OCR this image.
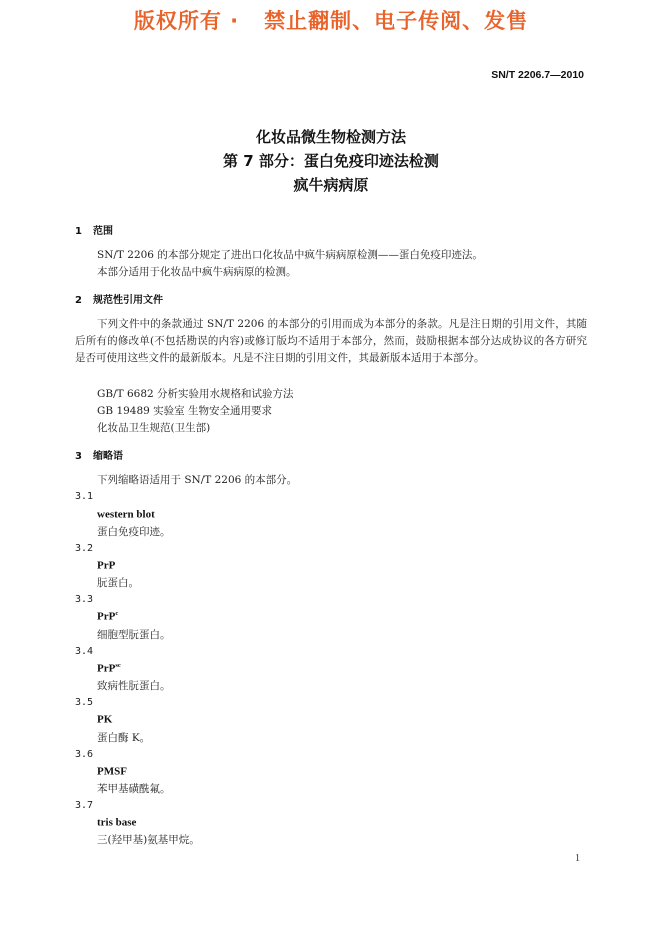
版权所有 ·   禁止翻制、电子传阅、发售
SN/T 2206.7—2010
化妆品微生物检测方法
第 7 部分：蛋白免疫印迹法检测
疯牛病病原
1 范围
SN/T 2206 的本部分规定了进出口化妆品中疯牛病病原检测——蛋白免疫印迹法。
本部分适用于化妆品中疯牛病病原的检测。
2 规范性引用文件
下列文件中的条款通过 SN/T 2206 的本部分的引用而成为本部分的条款。凡是注日期的引用文件，其随后所有的修改单(不包括勘误的内容)或修订版均不适用于本部分，然而，鼓励根据本部分达成协议的各方研究是否可使用这些文件的最新版本。凡是不注日期的引用文件，其最新版本适用于本部分。
GB/T 6682 分析实验用水规格和试验方法
GB 19489 实验室 生物安全通用要求
化妆品卫生规范(卫生部)
3 缩略语
下列缩略语适用于 SN/T 2206 的本部分。
3.1
western blot
蛋白免疫印迹。
3.2
PrP
朊蛋白。
3.3
PrP$^c$
细胞型朊蛋白。
3.4
PrP$^{sc}$
致病性朊蛋白。
3.5
PK
蛋白酶 K。
3.6
PMSF
苯甲基磺酰氟。
3.7
tris base
三(羟甲基)氨基甲烷。
1
